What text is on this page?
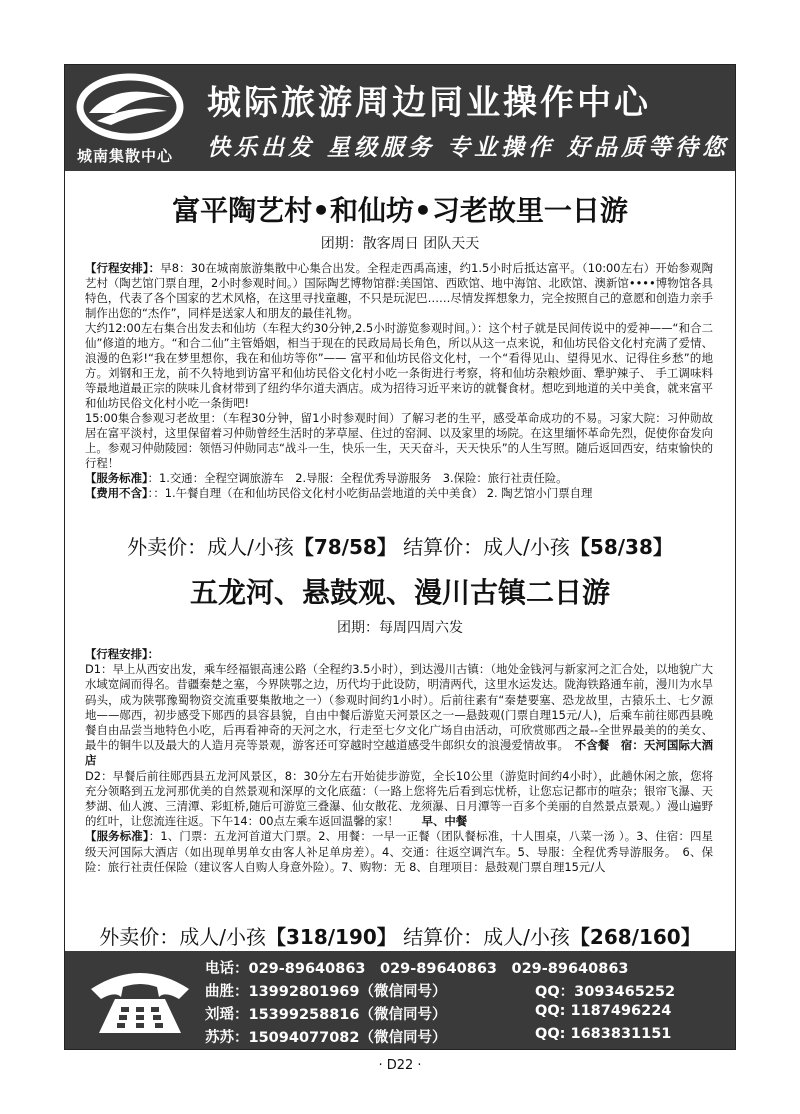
城南集散中心
城际旅游周边同业操作中心
快乐出发 星级服务 专业操作 好品质等待您
富平陶艺村•和仙坊•习老故里一日游
团期：散客周日 团队天天

【行程安排】：早8：30在城南旅游集散中心集合出发。全程走西禹高速，约1.5小时后抵达富平。（10:00左右）开始参观陶艺村（陶艺馆门票自理，2小时参观时间。）国际陶艺博物馆群:美国馆、西欧馆、地中海馆、北欧馆、澳新馆••••博物馆各具特色，代表了各个国家的艺术风格，在这里寻找童趣，不只是玩泥巴……尽情发挥想象力，完全按照自己的意愿和创造力亲手制作出您的“杰作”，同样是送家人和朋友的最佳礼物。

大约12:00左右集合出发去和仙坊（车程大约30分钟,2.5小时游览参观时间。）：这个村子就是民间传说中的爱神——“和合二仙”修道的地方。“和合二仙”主管婚姻，相当于现在的民政局局长角色，所以从这一点来说，和仙坊民俗文化村充满了爱情、浪漫的色彩!“我在梦里想你，我在和仙坊等你”—— 富平和仙坊民俗文化村，一个“看得见山、望得见水、记得住乡愁”的地方。刘钢和王龙，前不久特地到访富平和仙坊民俗文化村小吃一条街进行考察，将和仙坊杂粮炒面、犟驴辣子、 手工调味料等最地道最正宗的陕味儿食材带到了纽约华尔道夫酒店。成为招待习近平来访的就餐食材。想吃到地道的关中美食，就来富平和仙坊民俗文化村小吃一条街吧!

15:00集合参观习老故里：（车程30分钟，留1小时参观时间）了解习老的生平，感受革命成功的不易。习家大院：习仲勋故居在富平淡村，这里保留着习仲勋曾经生活时的茅草屋、住过的窑洞、以及家里的场院。在这里缅怀革命先烈，促使你奋发向上。参观习仲勋陵园：领悟习仲勋同志“战斗一生，快乐一生，天天奋斗，天天快乐”的人生写照。随后返回西安，结束愉快的行程！

【服务标准】：1.交通：全程空调旅游车　2.导服：全程优秀导游服务　3.保险：旅行社责任险。

【费用不含】：：1.午餐自理（在和仙坊民俗文化村小吃街品尝地道的关中美食） 2. 陶艺馆小门票自理

外卖价：成人/小孩【78/58】 结算价：成人/小孩【58/38】
五龙河、悬鼓观、漫川古镇二日游
团期：每周四周六发

【行程安排】：

D1：早上从西安出发，乘车经福银高速公路（全程约3.5小时），到达漫川古镇：（地处金钱河与新家河之汇合处，以地貌广大水域宽阔而得名。昔疆秦楚之塞，今界陕鄂之边，历代均于此设防，明清两代，这里水运发达。陇海铁路通车前，漫川为水旱码头，成为陕鄂豫蜀物资交流重要集散地之一）（参观时间约1小时）。后前往素有“秦楚要塞、恐龙故里，古猿乐土、七夕源地——郧西，初步感受下郧西的县容县貌，自由中餐后游览天河景区之一—悬鼓观(门票自理15元/人)，后乘车前往郧西县晚餐自由品尝当地特色小吃，后再看神奇的天河之水，行走至七夕文化广场自由活动，可欣赏郧西之最--全世界最美的的美女、最牛的铜牛以及最大的人造月亮等景观，游客还可穿越时空越道感受牛郎织女的浪漫爱情故事。　 不含餐　 宿：天河国际大酒店

D2：早餐后前往郧西县五龙河风景区，8：30分左右开始徒步游览，全长10公里（游览时间约4小时），此趟休闲之旅，您将充分领略到五龙河那优美的自然景观和深厚的文化底蕴：（一路上您将先后看到忘忧桥，让您忘记都市的喧杂；银帘飞瀑、天梦湖、仙人渡、三清潭、彩虹桥,随后可游览三叠瀑、仙女散花、龙须瀑、日月潭等一百多个美丽的自然景点景观。）漫山遍野的红叶，让您流连往返。下午14：00点左乘车返回温馨的家！　　 早、中餐

【服务标准】：1、门票：五龙河首道大门票。2、用餐：一早一正餐（团队餐标准，十人围桌，八菜一汤 ）。3、住宿：四星级天河国际大酒店（如出现单男单女由客人补足单房差）。4、交通：往返空调汽车。5、导服：全程优秀导游服务。　6、保险：旅行社责任保险（建议客人自购人身意外险）。7、购物：无 8、自理项目：悬鼓观门票自理15元/人

外卖价：成人/小孩【318/190】 结算价：成人/小孩【268/160】
电话：029-89640863　029-89640863　029-89640863
曲胜：13992801969（微信同号）	QQ：3093465252
刘瑶：15399258816（微信同号）	QQ: 1187496224
苏苏：15094077082（微信同号）	QQ: 1683831151
· D22 ·
